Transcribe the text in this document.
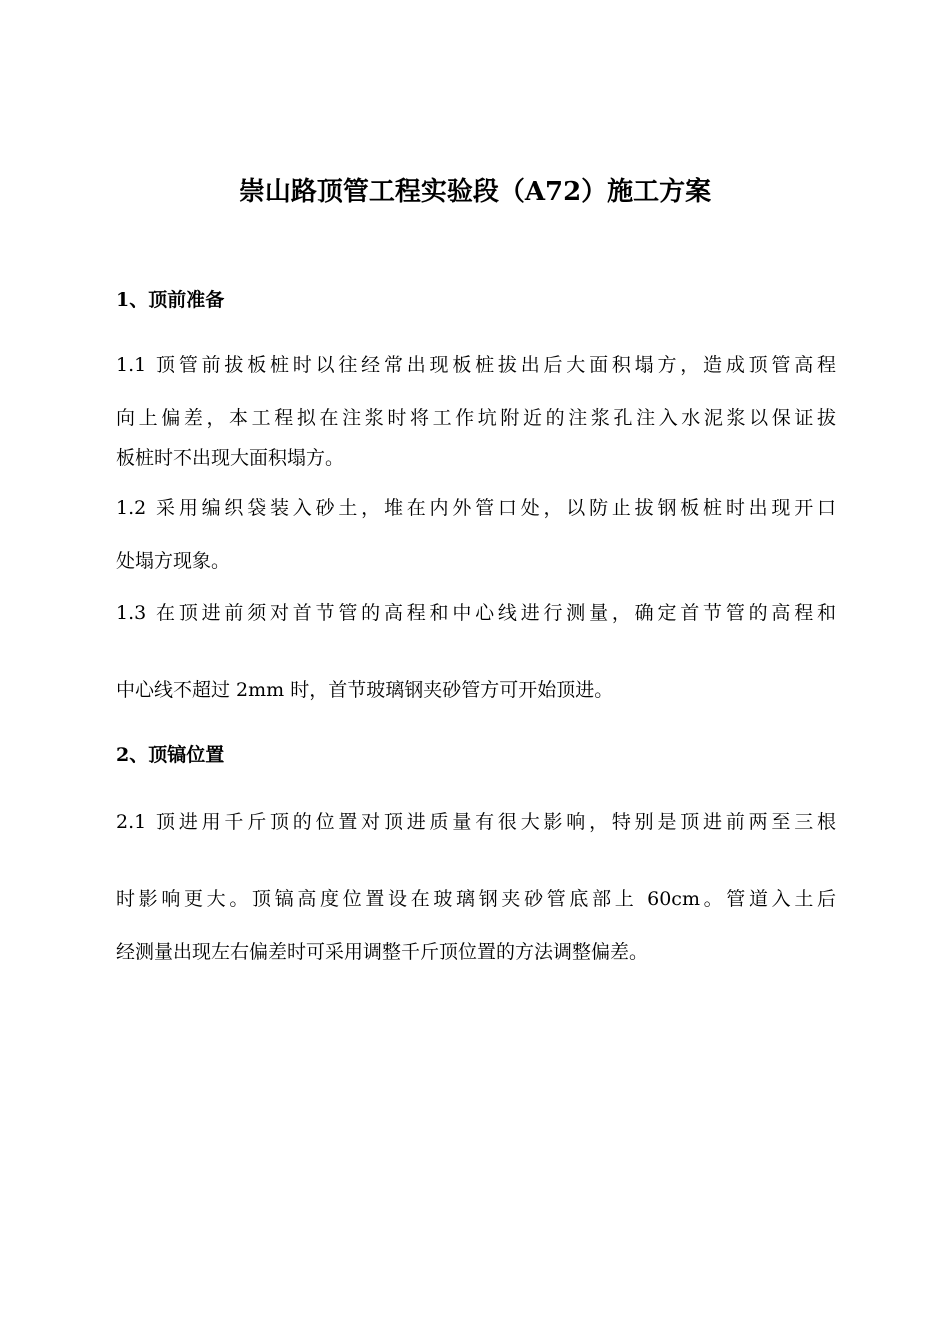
崇山路顶管工程实验段（A72）施工方案
1、顶前准备
1.1 顶管前拔板桩时以往经常出现板桩拔出后大面积塌方，造成顶管高程
向上偏差，本工程拟在注浆时将工作坑附近的注浆孔注入水泥浆以保证拔
板桩时不出现大面积塌方。
1.2 采用编织袋装入砂土，堆在内外管口处，以防止拔钢板桩时出现开口
处塌方现象。
1.3 在顶进前须对首节管的高程和中心线进行测量，确定首节管的高程和
中心线不超过 2mm 时，首节玻璃钢夹砂管方可开始顶进。
2、顶镐位置
2.1 顶进用千斤顶的位置对顶进质量有很大影响，特别是顶进前两至三根
时影响更大。顶镐高度位置设在玻璃钢夹砂管底部上 60cm。管道入土后
经测量出现左右偏差时可采用调整千斤顶位置的方法调整偏差。
